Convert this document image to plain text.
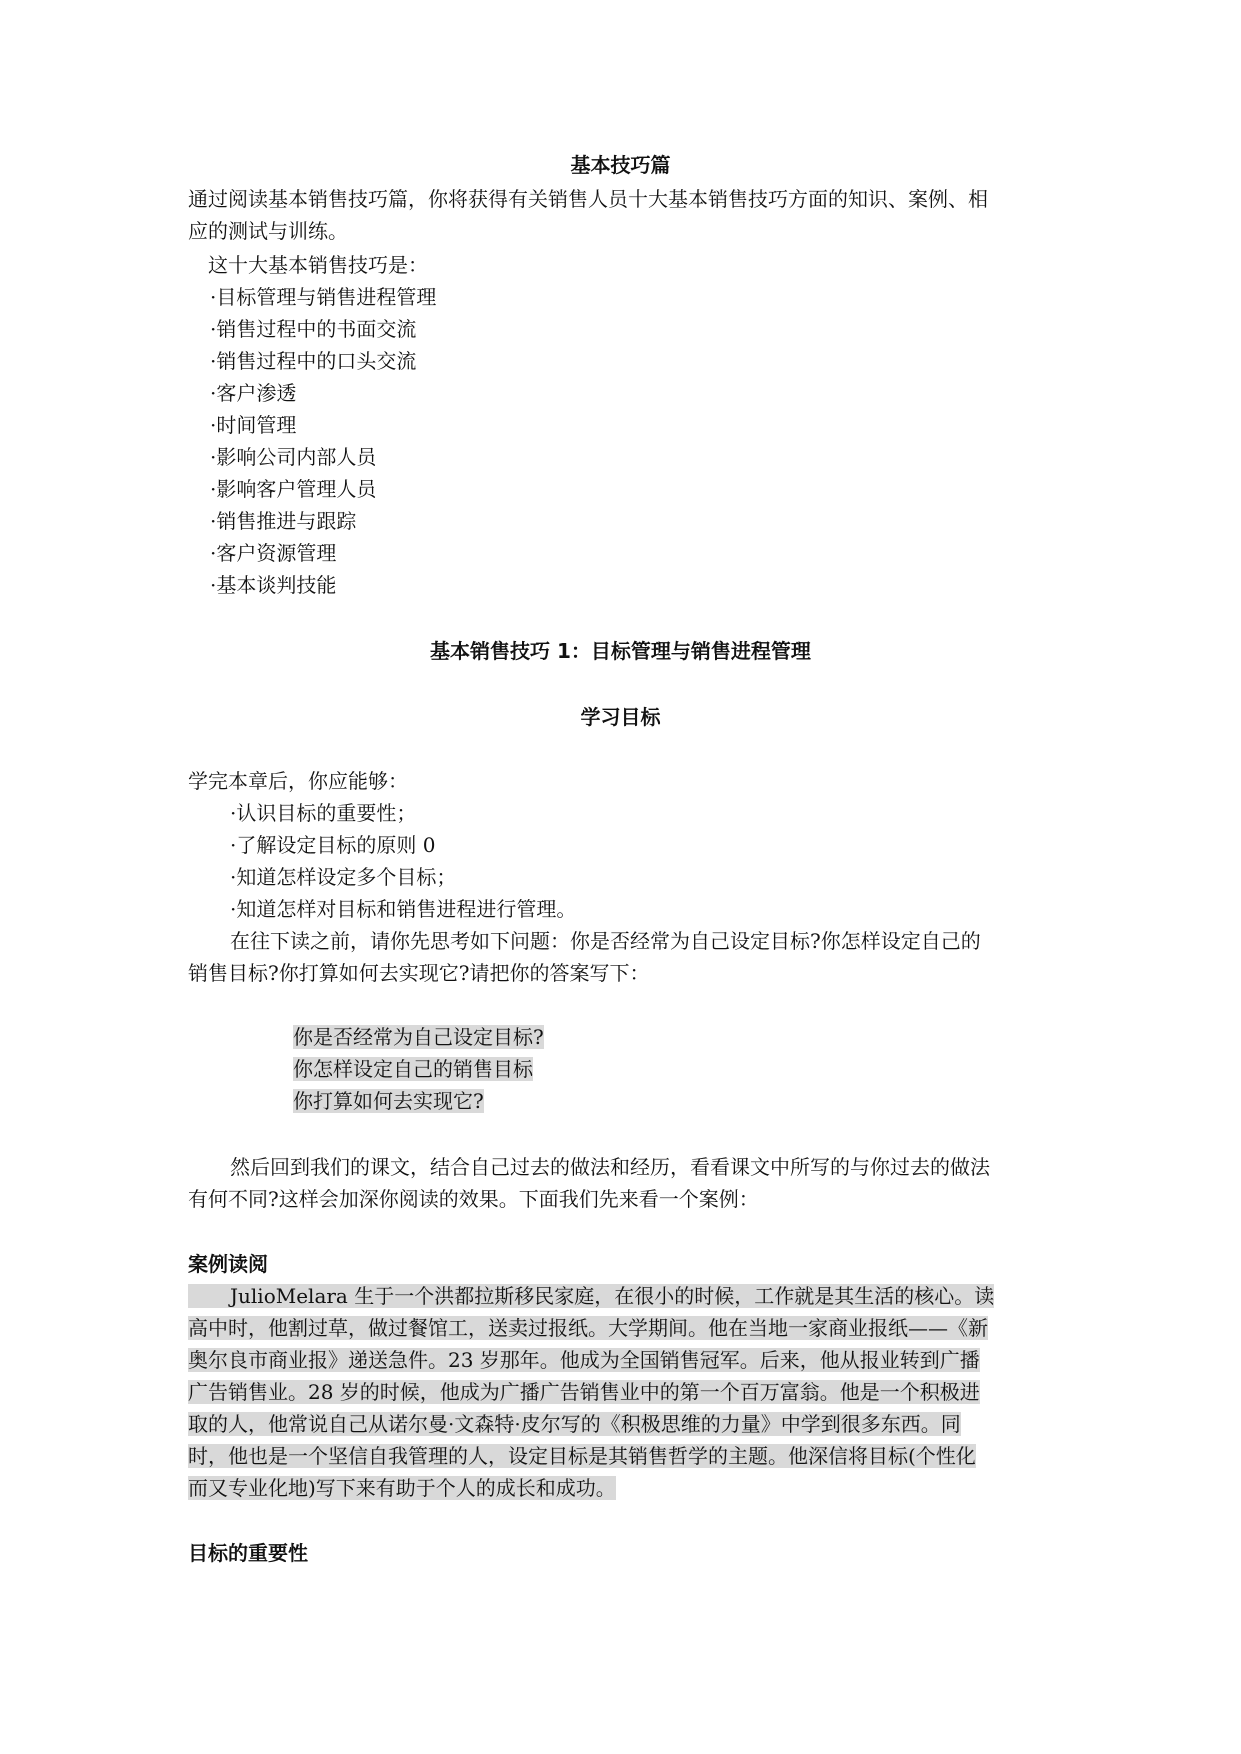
基本技巧篇
通过阅读基本销售技巧篇，你将获得有关销售人员十大基本销售技巧方面的知识、案例、相
应的测试与训练。
这十大基本销售技巧是：
·目标管理与销售进程管理
·销售过程中的书面交流
·销售过程中的口头交流
·客户渗透
·时间管理
·影响公司内部人员
·影响客户管理人员
·销售推进与跟踪
·客户资源管理
·基本谈判技能
基本销售技巧 1：目标管理与销售进程管理
学习目标
学完本章后，你应能够：
·认识目标的重要性；
·了解设定目标的原则 0
·知道怎样设定多个目标；
·知道怎样对目标和销售进程进行管理。
在往下读之前，请你先思考如下问题：你是否经常为自己设定目标?你怎样设定自己的
销售目标?你打算如何去实现它?请把你的答案写下：
你是否经常为自己设定目标?
你怎样设定自己的销售目标
你打算如何去实现它?
然后回到我们的课文，结合自己过去的做法和经历，看看课文中所写的与你过去的做法
有何不同?这样会加深你阅读的效果。下面我们先来看一个案例：
案例读阅
JulioMelara 生于一个洪都拉斯移民家庭，在很小的时候，工作就是其生活的核心。读
高中时，他割过草，做过餐馆工，送卖过报纸。大学期间。他在当地一家商业报纸——《新
奥尔良市商业报》递送急件。23 岁那年。他成为全国销售冠军。后来，他从报业转到广播
广告销售业。28 岁的时候，他成为广播广告销售业中的第一个百万富翁。他是一个积极进
取的人，他常说自己从诺尔曼·文森特·皮尔写的《积极思维的力量》中学到很多东西。同
时，他也是一个坚信自我管理的人，设定目标是其销售哲学的主题。他深信将目标(个性化
而又专业化地)写下来有助于个人的成长和成功。
目标的重要性
